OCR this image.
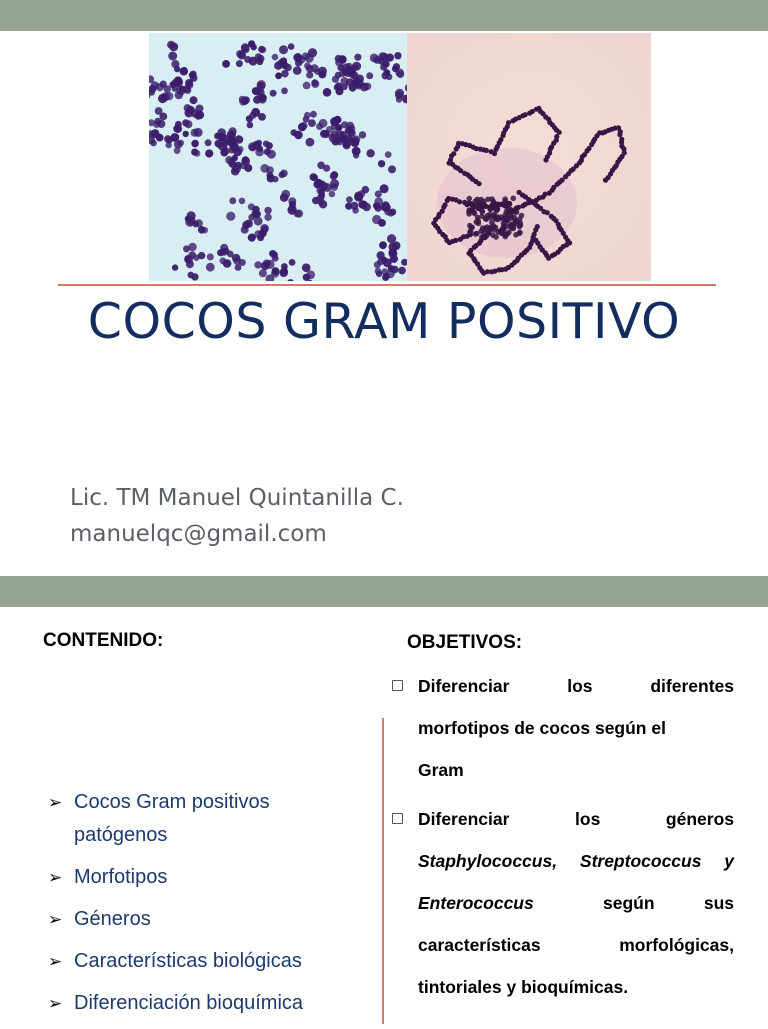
COCOS GRAM POSITIVO
Lic. TM Manuel Quintanilla C.
manuelqc@gmail.com
CONTENIDO:	OBJETIVOS:
➢ Cocos Gram positivos
patógenos
➢ Morfotipos
➢ Géneros
➢ Características biológicas
➢ Diferenciación bioquímica
Diferenciar	los	diferentes
morfotipos de cocos según el
Gram
Diferenciar	los	géneros
Staphylococcus, Streptococcus y
Enterococcus	según	sus
características	morfológicas,
tintoriales y bioquímicas.
